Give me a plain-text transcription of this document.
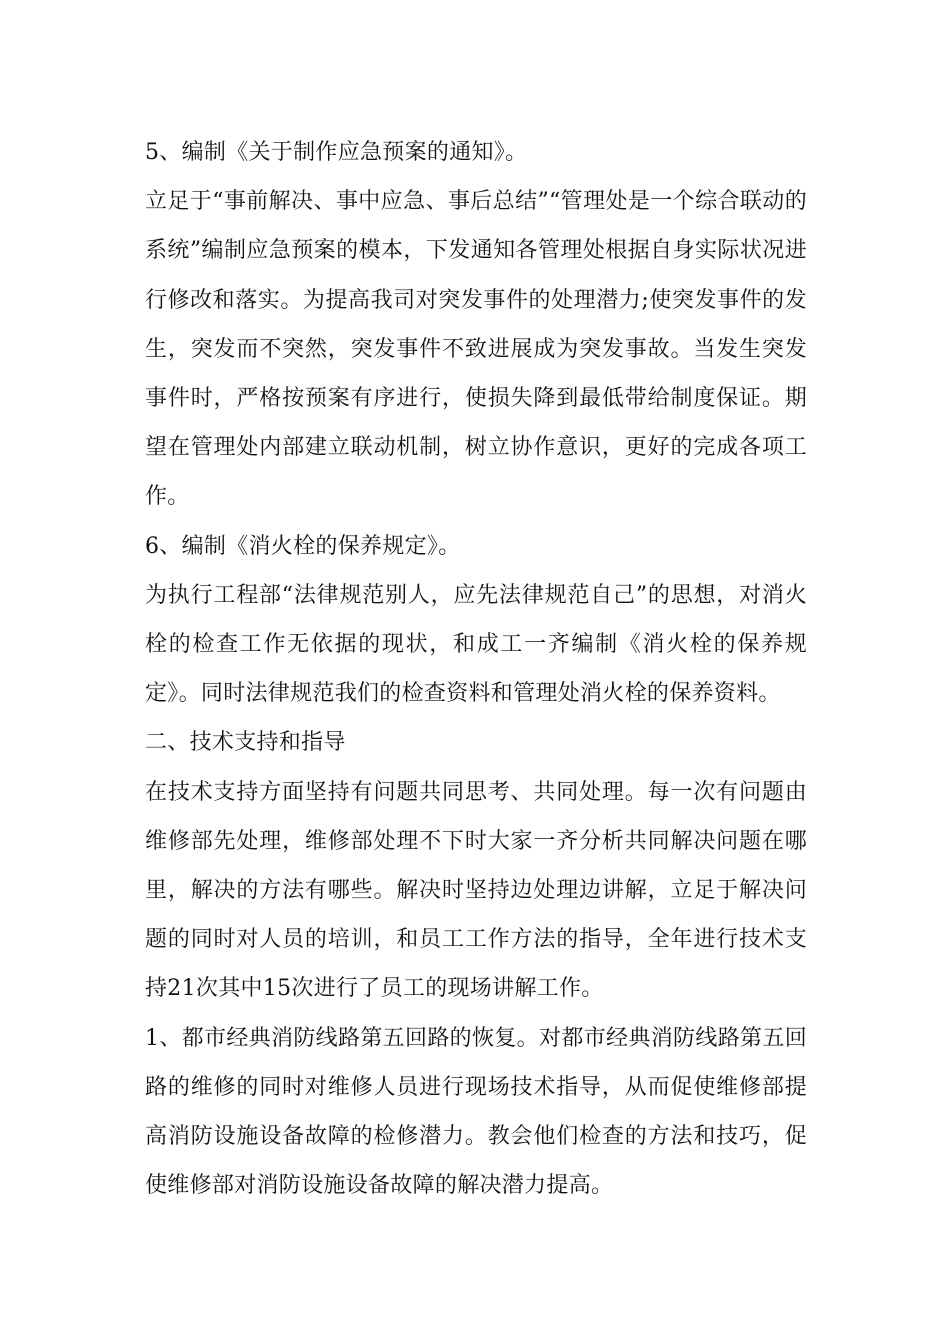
5、编制《关于制作应急预案的通知》。

立足于“事前解决、事中应急、事后总结”“管理处是一个综合联动的系统”编制应急预案的模本，下发通知各管理处根据自身实际状况进行修改和落实。为提高我司对突发事件的处理潜力;使突发事件的发生，突发而不突然，突发事件不致进展成为突发事故。当发生突发事件时，严格按预案有序进行，使损失降到最低带给制度保证。期望在管理处内部建立联动机制，树立协作意识，更好的完成各项工作。

6、编制《消火栓的保养规定》。

为执行工程部“法律规范别人，应先法律规范自己”的思想，对消火栓的检查工作无依据的现状，和成工一齐编制《消火栓的保养规定》。同时法律规范我们的检查资料和管理处消火栓的保养资料。

二、技术支持和指导

在技术支持方面坚持有问题共同思考、共同处理。每一次有问题由维修部先处理，维修部处理不下时大家一齐分析共同解决问题在哪里，解决的方法有哪些。解决时坚持边处理边讲解，立足于解决问题的同时对人员的培训，和员工工作方法的指导，全年进行技术支持21次其中15次进行了员工的现场讲解工作。

1、都市经典消防线路第五回路的恢复。对都市经典消防线路第五回路的维修的同时对维修人员进行现场技术指导，从而促使维修部提高消防设施设备故障的检修潜力。教会他们检查的方法和技巧，促使维修部对消防设施设备故障的解决潜力提高。
